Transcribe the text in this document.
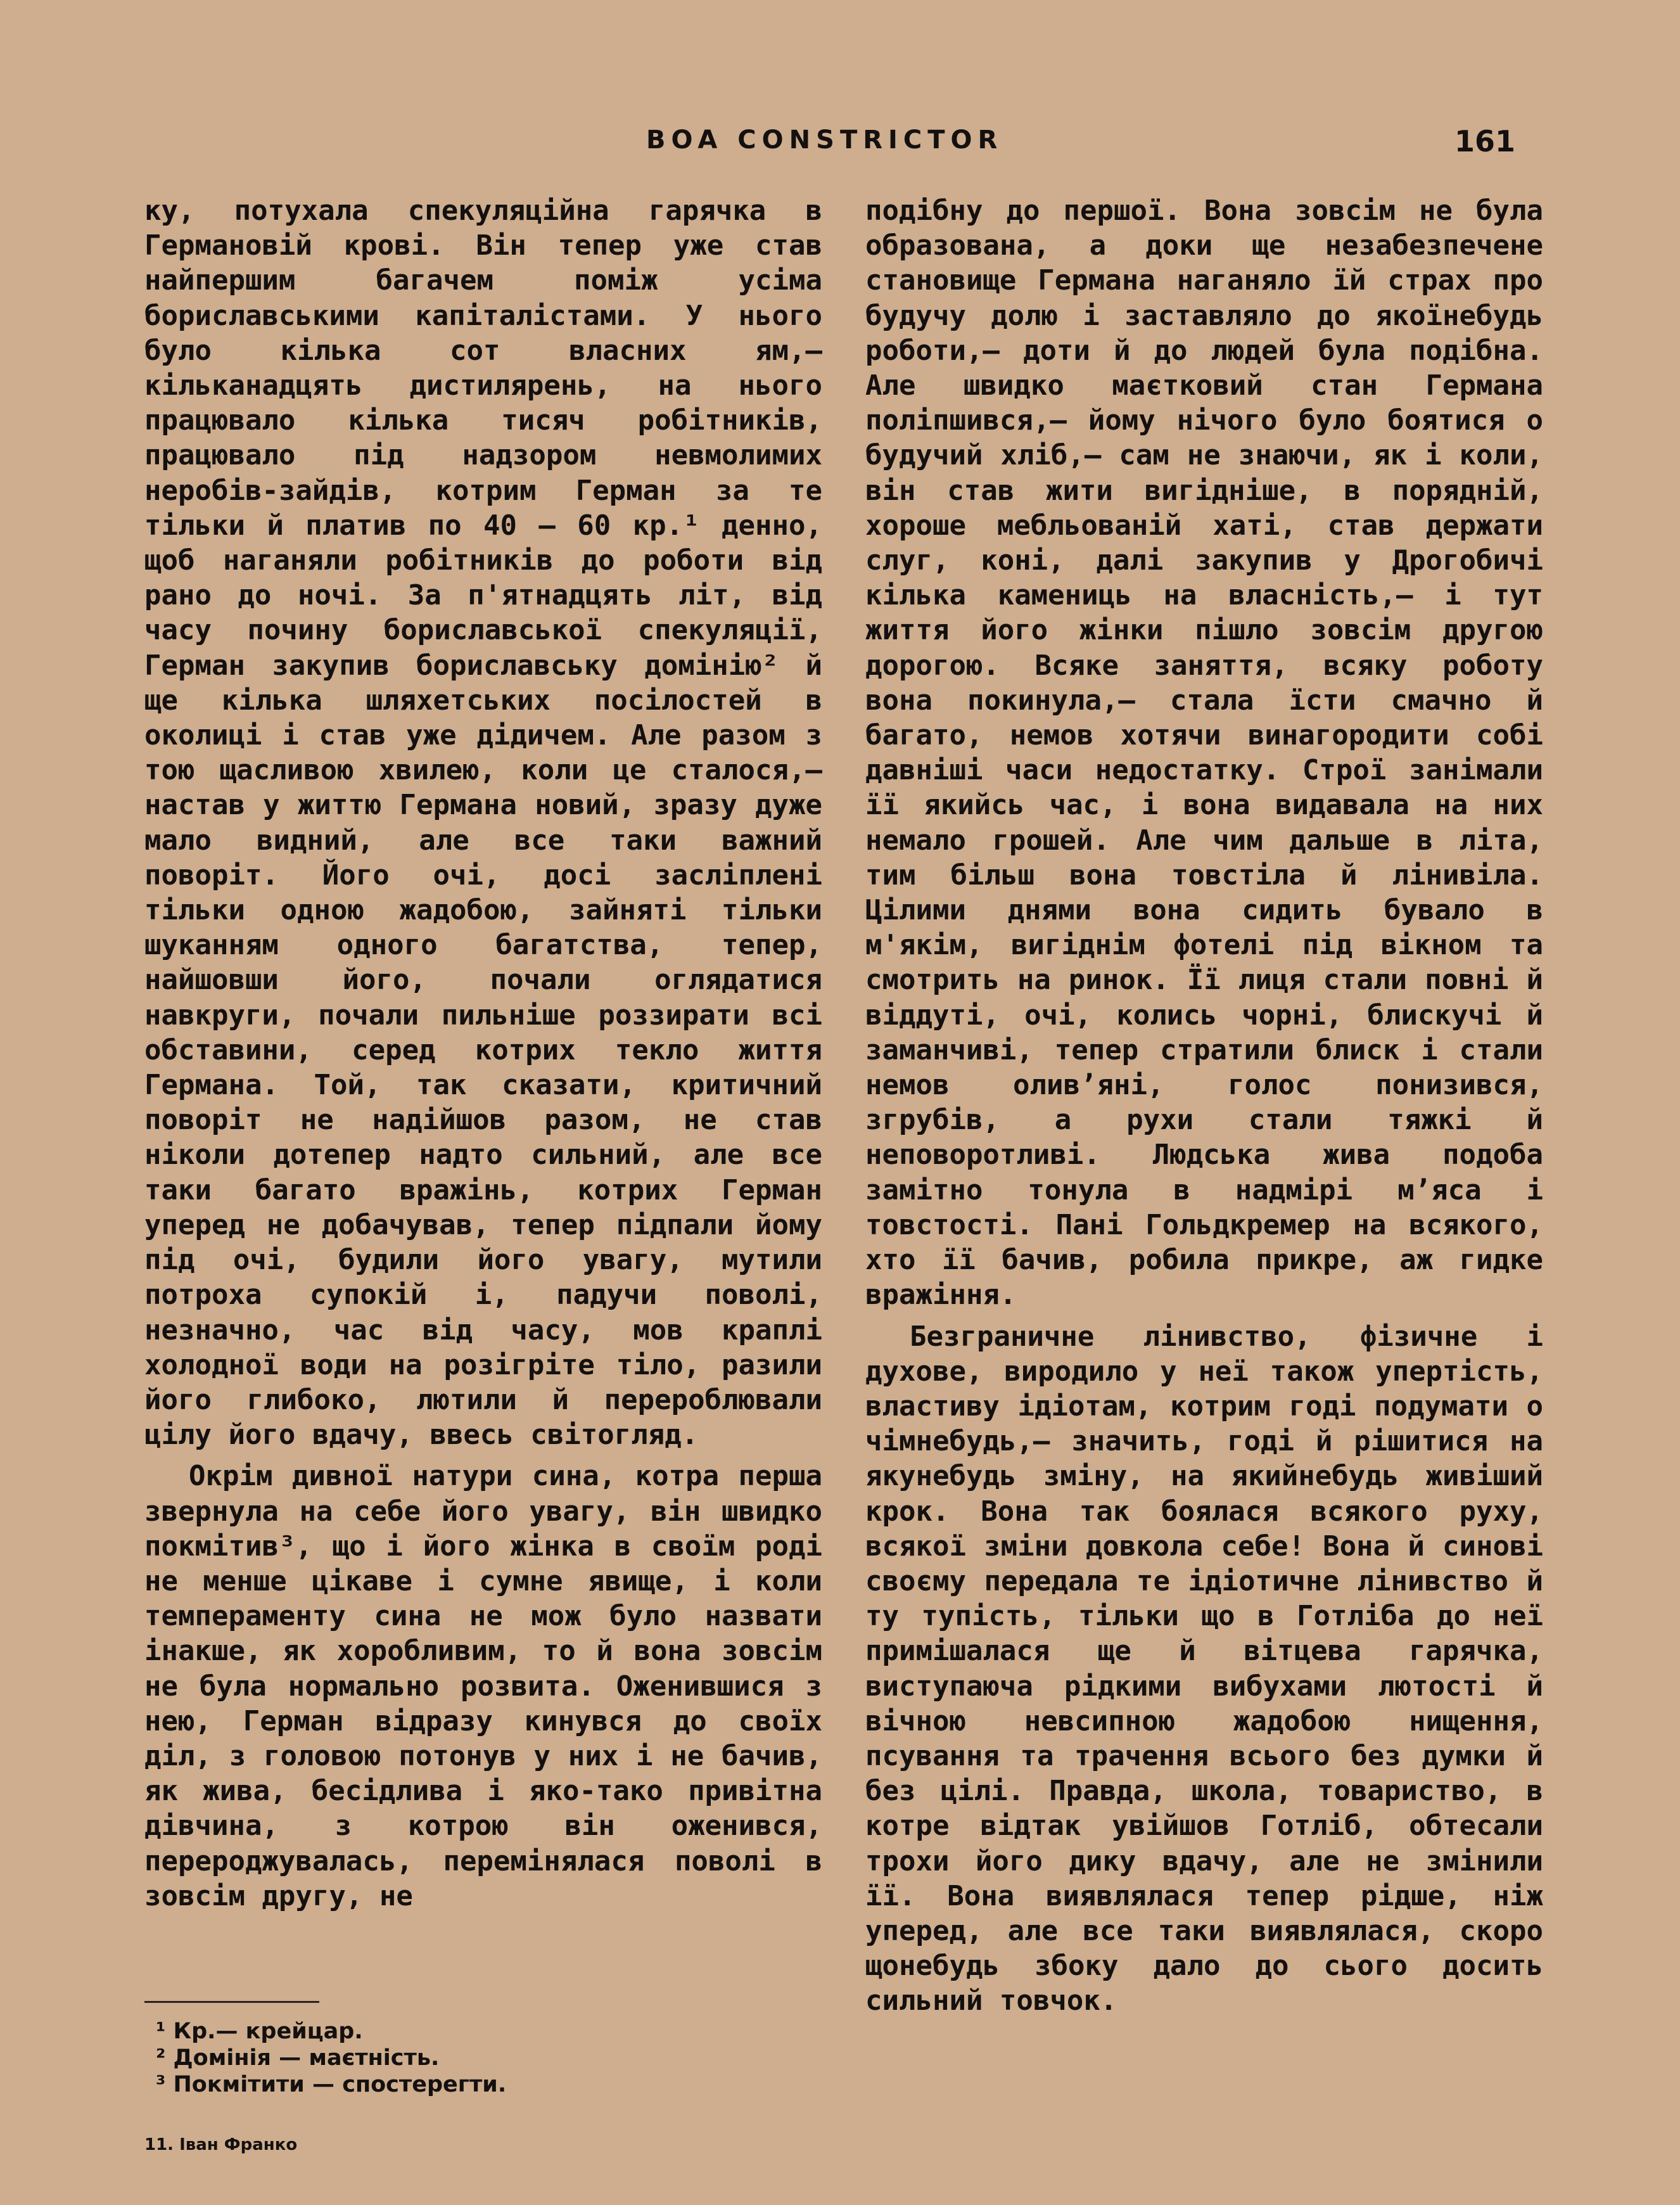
BOA CONSTRICTOR	161

ку, потухала спекуляційна гарячка в Германовій крові. Він тепер уже став найпершим багачем поміж усіма бориславськими капіталістами. У нього було кілька сот власних ям,— кільканадцять дистилярень, на нього працювало кілька тисяч робітників, працювало під надзором невмолимих неробів-зайдів, котрим Герман за те тільки й платив по 40 — 60 кр.¹ денно, щоб наганяли робітників до роботи від рано до ночі. За п'ятнадцять літ, від часу почину бориславської спекуляції, Герман закупив бориславську домінію² й ще кілька шляхетських посілостей в околиці і став уже дідичем. Але разом з тою щасливою хвилею, коли це сталося,— настав у життю Германа новий, зразу дуже мало видний, але все таки важний поворіт. Його очі, досі засліплені тільки одною жадобою, зайняті тільки шуканням одного багатства, тепер, найшовши його, почали оглядатися навкруги, почали пильніше роззирати всі обставини, серед котрих текло життя Германа. Той, так сказати, критичний поворіт не надійшов разом, не став ніколи дотепер надто сильний, але все таки багато вражінь, котрих Герман уперед не добачував, тепер підпали йому під очі, будили його увагу, мутили потроха супокій і, падучи поволі, незначно, час від часу, мов краплі холодної води на розігріте тіло, разили його глибоко, лютили й перероблювали цілу його вдачу, ввесь світогляд.

Окрім дивної натури сина, котра перша звернула на себе його увагу, він швидко покмітив³, що і його жінка в своїм роді не менше цікаве і сумне явище, і коли темпераменту сина не мож було назвати інакше, як хоробливим, то й вона зовсім не була нормально розвита. Оженившися з нею, Герман відразу кинувся до своїх діл, з головою потонув у них і не бачив, як жива, бесідлива і яко-тако привітна дівчина, з котрою він оженився, перероджувалась, перемінялася поволі в зовсім другу, не

подібну до першої. Вона зовсім не була образована, а доки ще незабезпечене становище Германа наганяло їй страх про будучу долю і заставляло до якоїнебудь роботи,— доти й до людей була подібна. Але швидко маєтковий стан Германа поліпшився,— йому нічого було боятися о будучий хліб,— сам не знаючи, як і коли, він став жити вигідніше, в порядній, хороше мебльованій хаті, став держати слуг, коні, далі закупив у Дрогобичі кілька камениць на власність,— і тут життя його жінки пішло зовсім другою дорогою. Всяке заняття, всяку роботу вона покинула,— стала їсти смачно й багато, немов хотячи винагородити собі давніші часи недостатку. Строї занімали її якийсь час, і вона видавала на них немало грошей. Але чим дальше в літа, тим більш вона товстіла й лінивіла. Цілими днями вона сидить бувало в м'якім, вигіднім фотелі під вікном та смотрить на ринок. Її лиця стали повні й віддуті, очі, колись чорні, блискучі й заманчиві, тепер стратили блиск і стали немов оливʼяні, голос понизився, згрубів, а рухи стали тяжкі й неповоротливі. Людська жива подоба замітно тонула в надмірі мʼяса і товстості. Пані Гольдкремер на всякого, хто її бачив, робила прикре, аж гидке вражіння.

Безграничне лінивство, фізичне і духове, виродило у неї також упертість, властиву ідіотам, котрим годі подумати о чімнебудь,— значить, годі й рішитися на якунебудь зміну, на якийнебудь живіший крок. Вона так боялася всякого руху, всякої зміни довкола себе! Вона й синові своєму передала те ідіотичне лінивство й ту тупість, тільки що в Готліба до неї примішалася ще й вітцева гарячка, виступаюча рідкими вибухами лютості й вічною невсипною жадобою нищення, псування та трачення всього без думки й без цілі. Правда, школа, товариство, в котре відтак увійшов Готліб, обтесали трохи його дику вдачу, але не змінили її. Вона виявлялася тепер рідше, ніж уперед, але все таки виявлялася, скоро щонебудь збоку дало до сього досить сильний товчок.

¹ Кр.— крейцар.
² Домінія — маєтність.
³ Покмітити — спостерегти.
11. Іван Франко
